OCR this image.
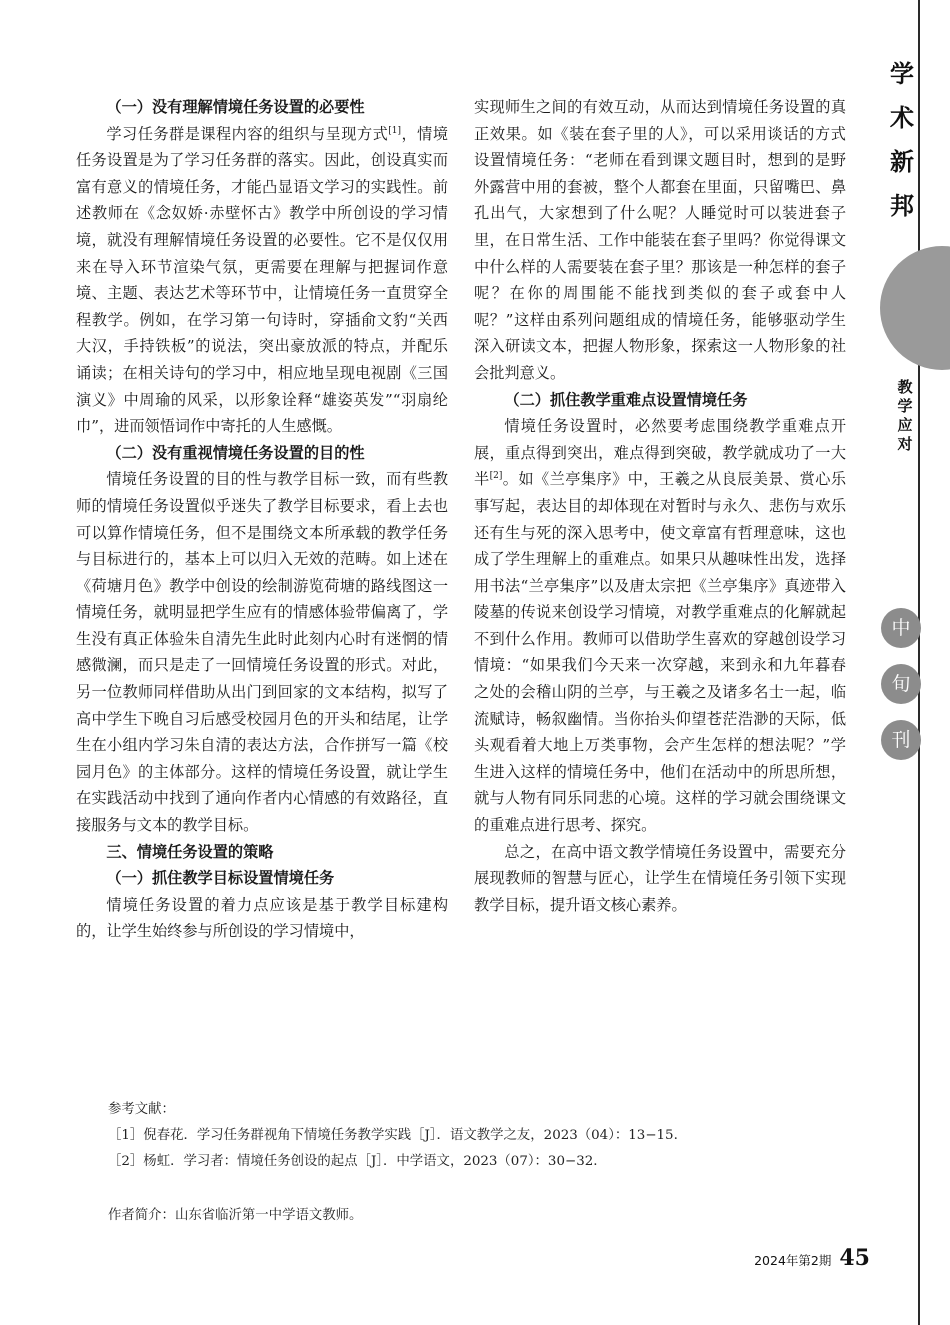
（一）没有理解情境任务设置的必要性

学习任务群是课程内容的组织与呈现方式[1]，情境任务设置是为了学习任务群的落实。因此，创设真实而富有意义的情境任务，才能凸显语文学习的实践性。前述教师在《念奴娇·赤壁怀古》教学中所创设的学习情境，就没有理解情境任务设置的必要性。它不是仅仅用来在导入环节渲染气氛，更需要在理解与把握词作意境、主题、表达艺术等环节中，让情境任务一直贯穿全程教学。例如，在学习第一句诗时，穿插俞文豹“关西大汉，手持铁板”的说法，突出豪放派的特点，并配乐诵读；在相关诗句的学习中，相应地呈现电视剧《三国演义》中周瑜的风采，以形象诠释“雄姿英发”“羽扇纶巾”，进而领悟词作中寄托的人生感慨。

（二）没有重视情境任务设置的目的性

情境任务设置的目的性与教学目标一致，而有些教师的情境任务设置似乎迷失了教学目标要求，看上去也可以算作情境任务，但不是围绕文本所承载的教学任务与目标进行的，基本上可以归入无效的范畴。如上述在《荷塘月色》教学中创设的绘制游览荷塘的路线图这一情境任务，就明显把学生应有的情感体验带偏离了，学生没有真正体验朱自清先生此时此刻内心时有迷惘的情感微澜，而只是走了一回情境任务设置的形式。对此，另一位教师同样借助从出门到回家的文本结构，拟写了高中学生下晚自习后感受校园月色的开头和结尾，让学生在小组内学习朱自清的表达方法，合作拼写一篇《校园月色》的主体部分。这样的情境任务设置，就让学生在实践活动中找到了通向作者内心情感的有效路径，直接服务与文本的教学目标。

三、情境任务设置的策略
（一）抓住教学目标设置情境任务

情境任务设置的着力点应该是基于教学目标建构的，让学生始终参与所创设的学习情境中，

实现师生之间的有效互动，从而达到情境任务设置的真正效果。如《装在套子里的人》，可以采用谈话的方式设置情境任务：“老师在看到课文题目时，想到的是野外露营中用的套被，整个人都套在里面，只留嘴巴、鼻孔出气，大家想到了什么呢？人睡觉时可以装进套子里，在日常生活、工作中能装在套子里吗？你觉得课文中什么样的人需要装在套子里？那该是一种怎样的套子呢？在你的周围能不能找到类似的套子或套中人呢？”这样由系列问题组成的情境任务，能够驱动学生深入研读文本，把握人物形象，探索这一人物形象的社会批判意义。

（二）抓住教学重难点设置情境任务

情境任务设置时，必然要考虑围绕教学重难点开展，重点得到突出，难点得到突破，教学就成功了一大半[2]。如《兰亭集序》中，王羲之从良辰美景、赏心乐事写起，表达目的却体现在对暂时与永久、悲伤与欢乐还有生与死的深入思考中，使文章富有哲理意味，这也成了学生理解上的重难点。如果只从趣味性出发，选择用书法“兰亭集序”以及唐太宗把《兰亭集序》真迹带入陵墓的传说来创设学习情境，对教学重难点的化解就起不到什么作用。教师可以借助学生喜欢的穿越创设学习情境：“如果我们今天来一次穿越，来到永和九年暮春之处的会稽山阴的兰亭，与王羲之及诸多名士一起，临流赋诗，畅叙幽情。当你抬头仰望苍茫浩渺的天际，低头观看着大地上万类事物，会产生怎样的想法呢？”学生进入这样的情境任务中，他们在活动中的所思所想，就与人物有同乐同悲的心境。这样的学习就会围绕课文的重难点进行思考、探究。

总之，在高中语文教学情境任务设置中，需要充分展现教师的智慧与匠心，让学生在情境任务引领下实现教学目标，提升语文核心素养。

参考文献：
［1］倪春花．学习任务群视角下情境任务教学实践［J］．语文教学之友，2023（04）：13−15.
［2］杨虹．学习者：情境任务创设的起点［J］．中学语文，2023（07）：30−32.
作者简介：山东省临沂第一中学语文教师。
2024年第2期 45
学
术
新
邦
教
学
应
对
中
旬
刊
